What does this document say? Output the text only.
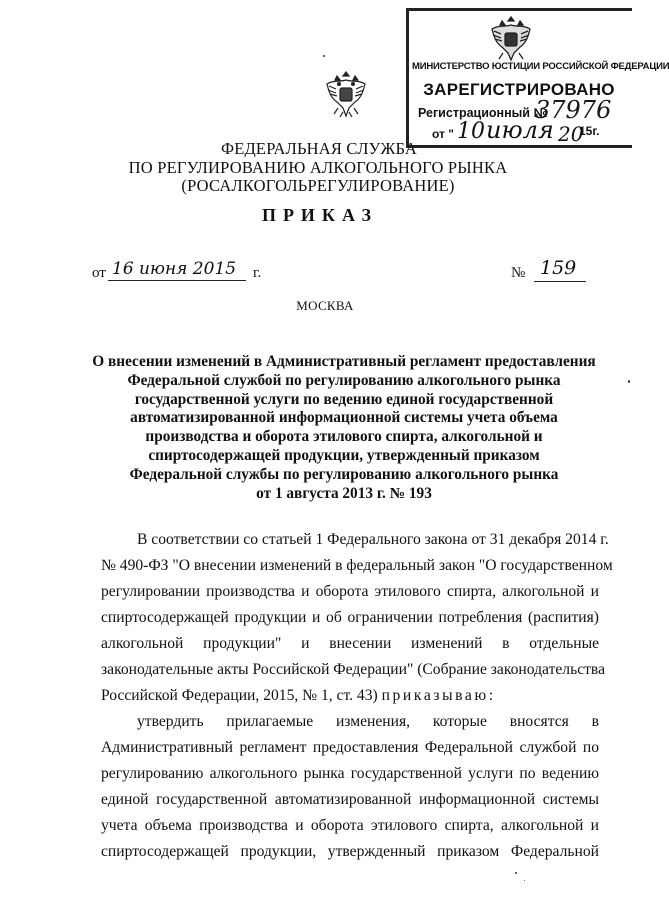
МИНИСТЕРСТВО ЮСТИЦИИ РОССИЙСКОЙ ФЕДЕРАЦИИ
ЗАРЕГИСТРИРОВАНО
Регистрационный №
37976
от " 10 июля 20
15г.
ФЕДЕРАЛЬНАЯ СЛУЖБА
ПО РЕГУЛИРОВАНИЮ АЛКОГОЛЬНОГО РЫНКА
(РОСАЛКОГОЛЬРЕГУЛИРОВАНИЕ)
ПРИКАЗ
от 16 июня 2015	г.	№ 159
МОСКВА
О внесении изменений в Административный регламент предоставления
Федеральной службой по регулированию алкогольного рынка
государственной услуги по ведению единой государственной
автоматизированной информационной системы учета объема
производства и оборота этилового спирта, алкогольной и
спиртосодержащей продукции, утвержденный приказом
Федеральной службы по регулированию алкогольного рынка
от 1 августа 2013 г. № 193
В соответствии со статьей 1 Федерального закона от 31 декабря 2014 г.
№ 490-ФЗ "О внесении изменений в федеральный закон "О государственном
регулировании производства и оборота этилового спирта, алкогольной и
спиртосодержащей продукции и об ограничении потребления (распития)
алкогольной продукции" и внесении изменений в отдельные
законодательные акты Российской Федерации" (Собрание законодательства
Российской Федерации, 2015, № 1, ст. 43) приказываю:
утвердить прилагаемые изменения, которые вносятся в
Административный регламент предоставления Федеральной службой по
регулированию алкогольного рынка государственной услуги по ведению
единой государственной автоматизированной информационной системы
учета объема производства и оборота этилового спирта, алкогольной и
спиртосодержащей продукции, утвержденный приказом Федеральной
